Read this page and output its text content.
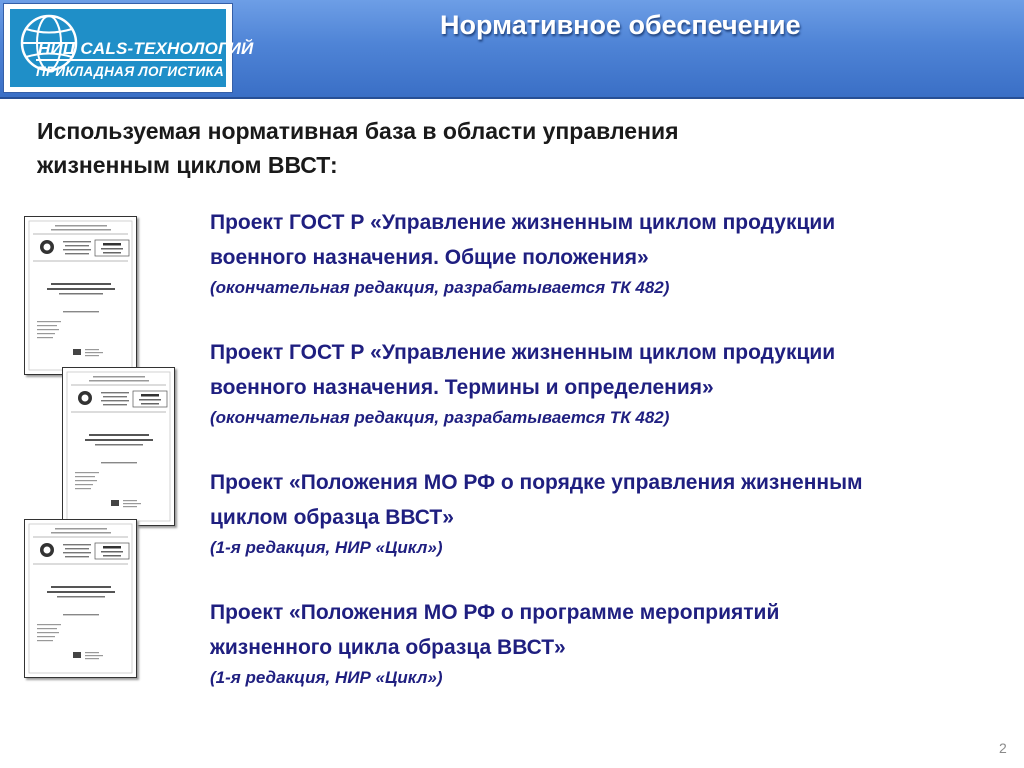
НИЦ CALS-ТЕХНОЛОГИЙ
ПРИКЛАДНАЯ ЛОГИСТИКА
Нормативное обеспечение
Используемая нормативная база в области управления
жизненным циклом ВВСТ:
Проект ГОСТ Р «Управление жизненным циклом продукции
военного назначения. Общие положения»
(окончательная редакция, разрабатывается ТК 482)
Проект ГОСТ Р «Управление жизненным циклом продукции
военного назначения. Термины и определения»
(окончательная редакция, разрабатывается ТК 482)
Проект «Положения МО РФ о порядке управления жизненным
циклом образца ВВСТ»
(1-я редакция, НИР «Цикл»)
Проект «Положения МО РФ о программе мероприятий
жизненного цикла образца ВВСТ»
(1-я редакция, НИР «Цикл»)
2
